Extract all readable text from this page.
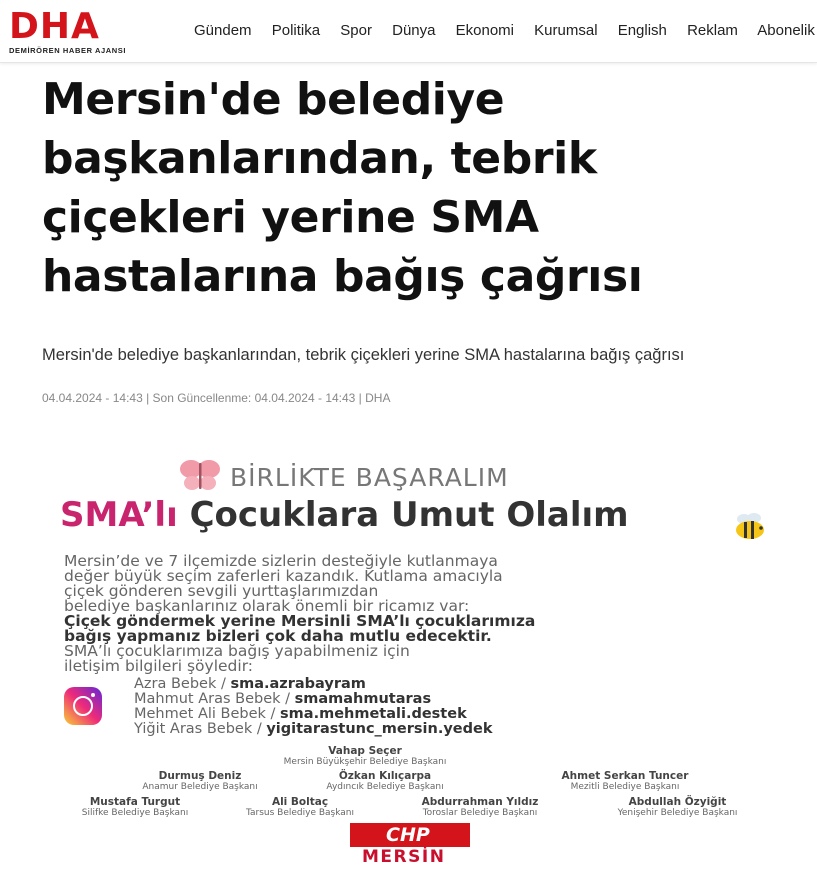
DHA
DEMİRÖREN HABER AJANSI
Gündem Politika Spor Dünya Ekonomi Kurumsal English Reklam Abonelik
Mersin'de belediye
başkanlarından, tebrik
çiçekleri yerine SMA
hastalarına bağış çağrısı
Mersin'de belediye başkanlarından, tebrik çiçekleri yerine SMA hastalarına bağış çağrısı
04.04.2024 - 14:43 | Son Güncellenme: 04.04.2024 - 14:43 | DHA
BİRLİKTE BAŞARALIM
SMA’lı Çocuklara Umut Olalım
Mersin’de ve 7 ilçemizde sizlerin desteğiyle kutlanmaya
değer büyük seçim zaferleri kazandık. Kutlama amacıyla
çiçek gönderen sevgili yurttaşlarımızdan
belediye başkanlarınız olarak önemli bir ricamız var:
Çiçek göndermek yerine Mersinli SMA’lı çocuklarımıza
bağış yapmanız bizleri çok daha mutlu edecektir.
SMA’lı çocuklarımıza bağış yapabilmeniz için
iletişim bilgileri şöyledir:
Azra Bebek / sma.azrabayram
Mahmut Aras Bebek / smamahmutaras
Mehmet Ali Bebek / sma.mehmetali.destek
Yiğit Aras Bebek / yigitarastunc_mersin.yedek
Vahap Seçer
Mersin Büyükşehir Belediye Başkanı
Durmuş Deniz
Anamur Belediye Başkanı
Özkan Kılıçarpa
Aydıncık Belediye Başkanı
Ahmet Serkan Tuncer
Mezitli Belediye Başkanı
Mustafa Turgut
Silifke Belediye Başkanı
Ali Boltaç
Tarsus Belediye Başkanı
Abdurrahman Yıldız
Toroslar Belediye Başkanı
Abdullah Özyiğit
Yenişehir Belediye Başkanı
CHP
MERSİN
